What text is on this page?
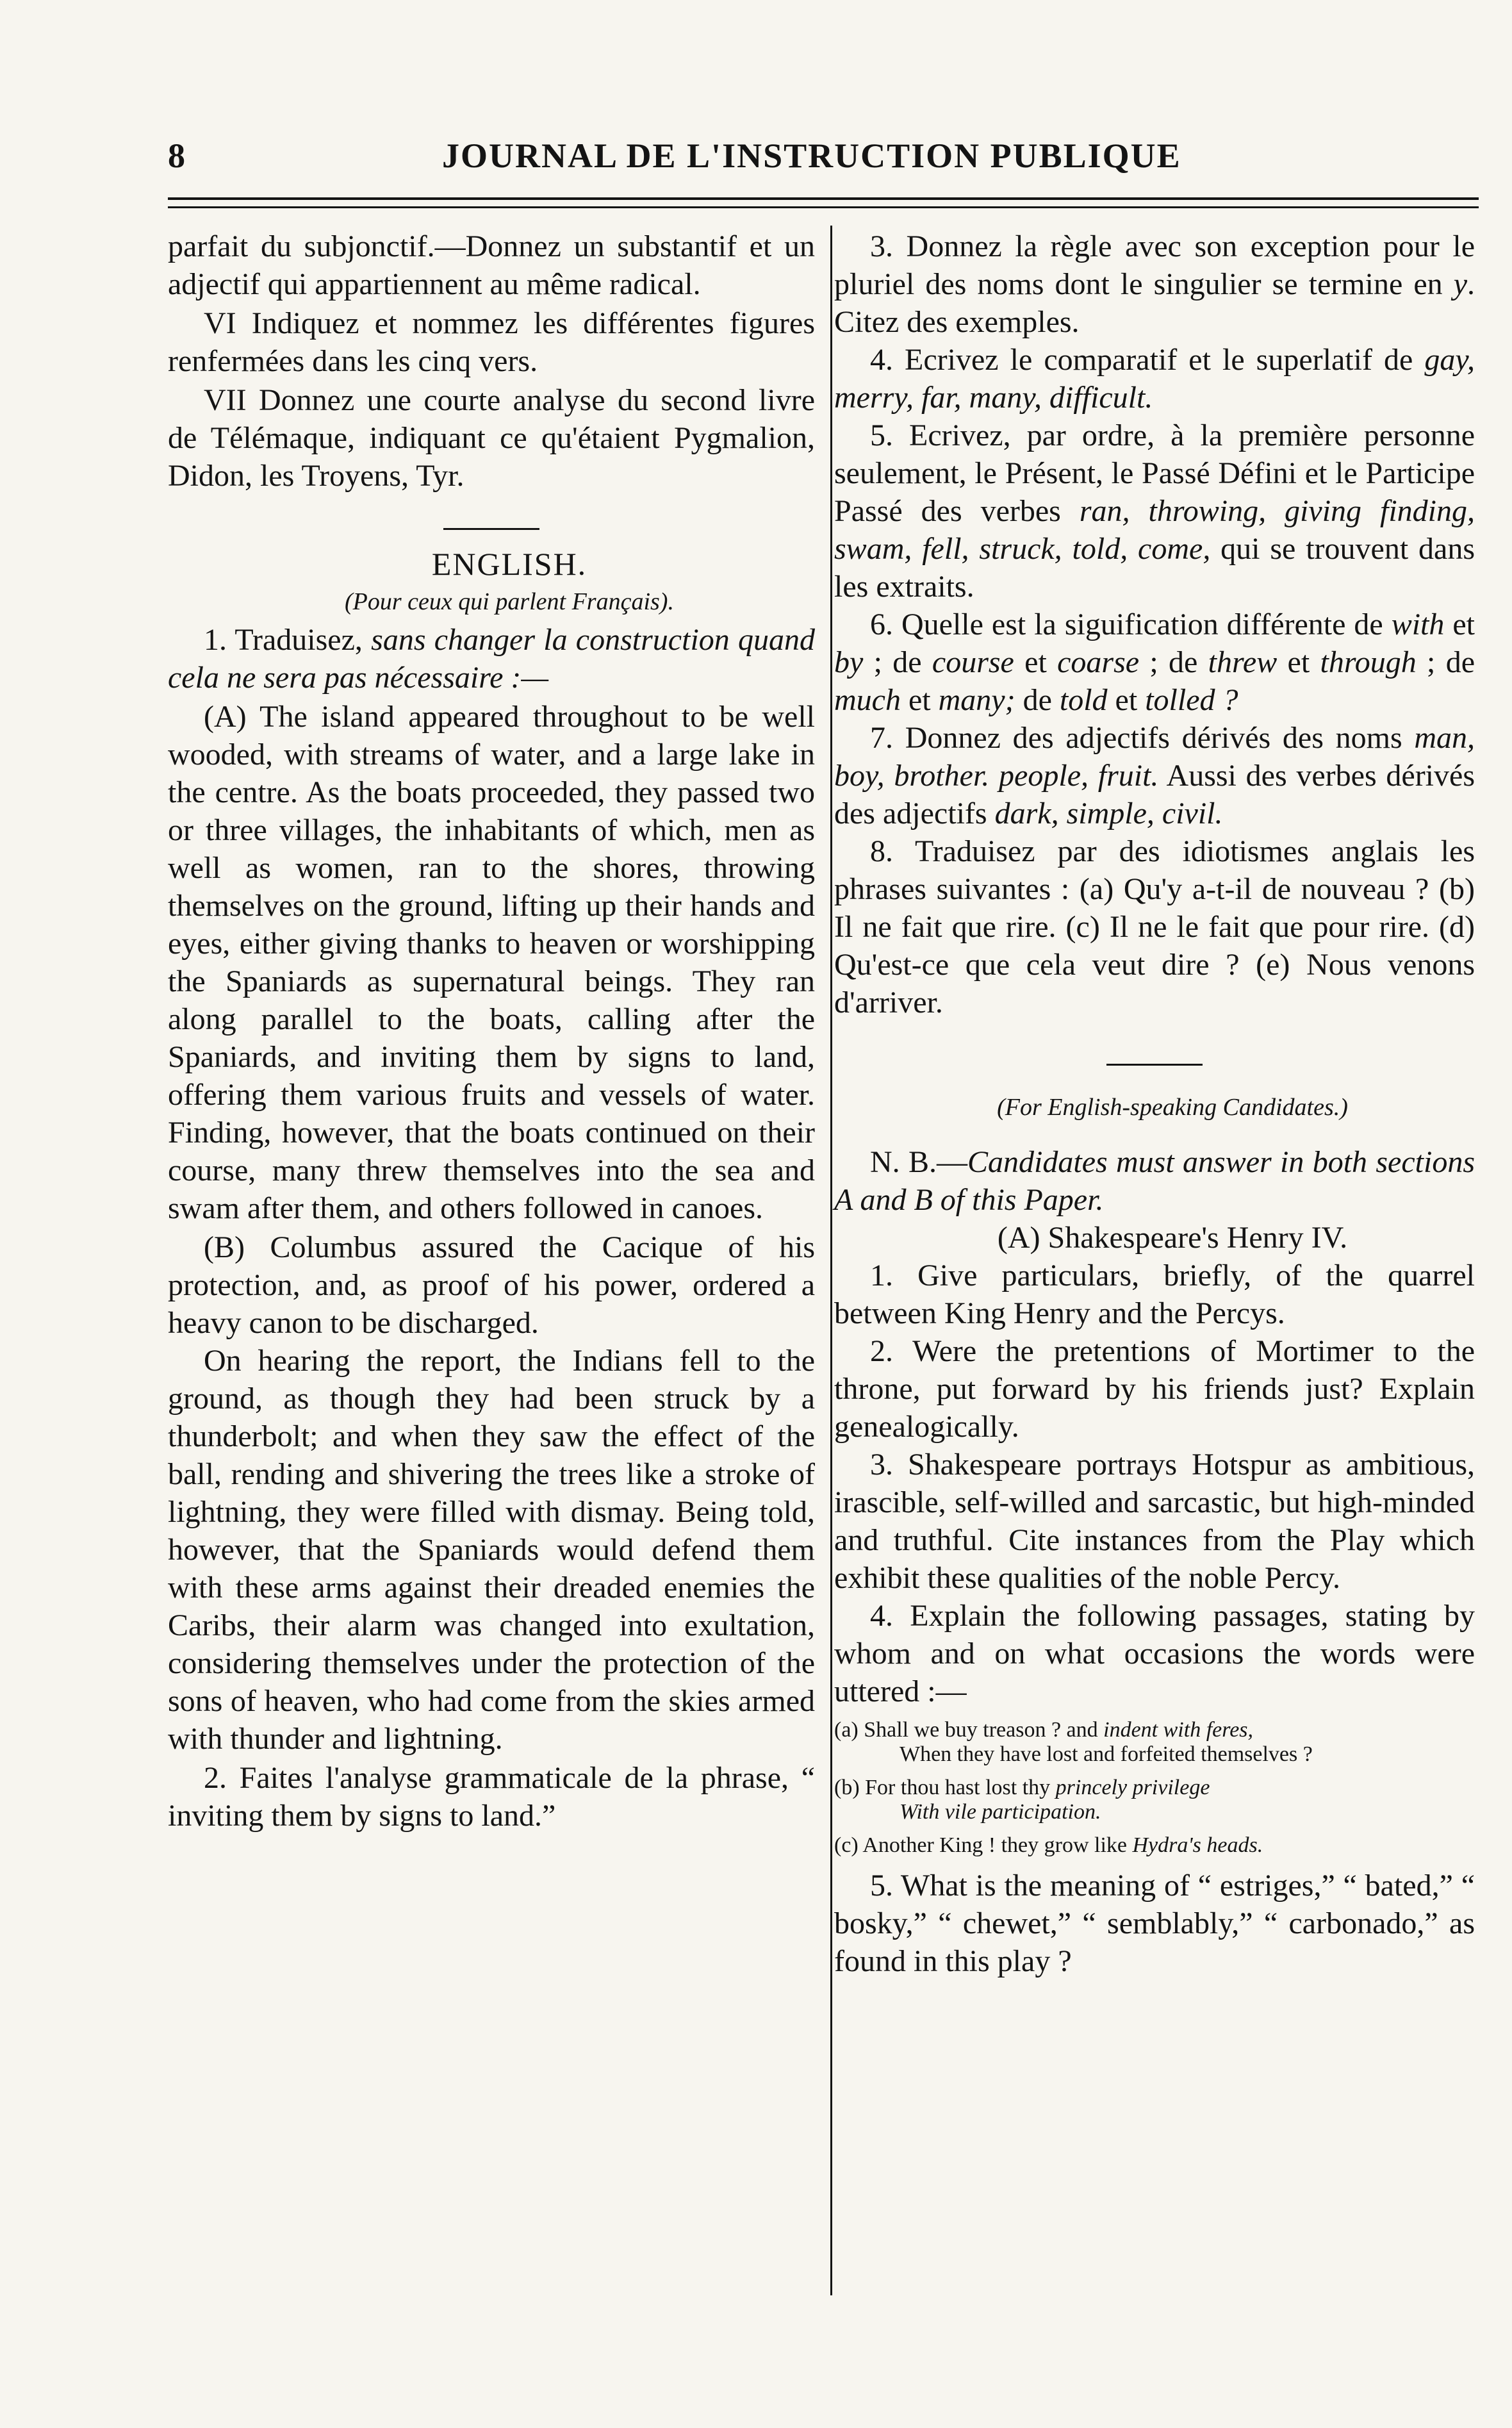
8	JOURNAL DE L'INSTRUCTION PUBLIQUE

parfait du subjonctif.—Donnez un substantif et un adjectif qui appartiennent au même radical.

VI Indiquez et nommez les différentes figures renfermées dans les cinq vers.

VII Donnez une courte analyse du second livre de Télémaque, indiquant ce qu'étaient Pygmalion, Didon, les Troyens, Tyr.

ENGLISH.

(Pour ceux qui parlent Français).

1. Traduisez, sans changer la construction quand cela ne sera pas nécessaire :—

(A) The island appeared throughout to be well wooded, with streams of water, and a large lake in the centre. As the boats proceeded, they passed two or three villages, the inhabitants of which, men as well as women, ran to the shores, throwing themselves on the ground, lifting up their hands and eyes, either giving thanks to heaven or worshipping the Spaniards as supernatural beings. They ran along parallel to the boats, calling after the Spaniards, and inviting them by signs to land, offering them various fruits and vessels of water. Finding, however, that the boats continued on their course, many threw themselves into the sea and swam after them, and others followed in canoes.

(B) Columbus assured the Cacique of his protection, and, as proof of his power, ordered a heavy canon to be discharged.

On hearing the report, the Indians fell to the ground, as though they had been struck by a thunderbolt; and when they saw the effect of the ball, rending and shivering the trees like a stroke of lightning, they were filled with dismay. Being told, however, that the Spaniards would defend them with these arms against their dreaded enemies the Caribs, their alarm was changed into exultation, considering themselves under the protection of the sons of heaven, who had come from the skies armed with thunder and lightning.

2. Faites l'analyse grammaticale de la phrase, “ inviting them by signs to land.”

3. Donnez la règle avec son exception pour le pluriel des noms dont le singulier se termine en y. Citez des exemples.

4. Ecrivez le comparatif et le superlatif de gay, merry, far, many, difficult.

5. Ecrivez, par ordre, à la première personne seulement, le Présent, le Passé Défini et le Participe Passé des verbes ran, throwing, giving finding, swam, fell, struck, told, come, qui se trouvent dans les extraits.

6. Quelle est la siguification différente de with et by ; de course et coarse ; de threw et through ; de much et many; de told et tolled ?

7. Donnez des adjectifs dérivés des noms man, boy, brother. people, fruit. Aussi des verbes dérivés des adjectifs dark, simple, civil.

8. Traduisez par des idiotismes anglais les phrases suivantes : (a) Qu'y a-t-il de nouveau ? (b) Il ne fait que rire. (c) Il ne le fait que pour rire. (d) Qu'est-ce que cela veut dire ? (e) Nous venons d'arriver.

(For English-speaking Candidates.)

N. B.—Candidates must answer in both sections A and B of this Paper.

(A) Shakespeare's Henry IV.

1. Give particulars, briefly, of the quarrel between King Henry and the Percys.

2. Were the pretentions of Mortimer to the throne, put forward by his friends just? Explain genealogically.

3. Shakespeare portrays Hotspur as ambitious, irascible, self-willed and sarcastic, but high-minded and truthful. Cite instances from the Play which exhibit these qualities of the noble Percy.

4. Explain the following passages, stating by whom and on what occasions the words were uttered :—

(a) Shall we buy treason ? and indent with feres,
When they have lost and forfeited themselves ?
(b) For thou hast lost thy princely privilege
With vile participation.
(c) Another King ! they grow like Hydra's heads.

5. What is the meaning of “ estriges,” “ bated,” “ bosky,” “ chewet,” “ semblably,” “ carbonado,” as found in this play ?
